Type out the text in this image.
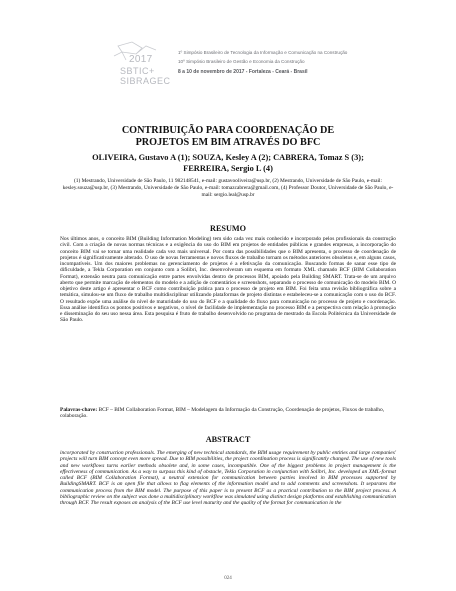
2017
SBTIC+
SIBRAGEC
1º Simpósio Brasileiro de Tecnologia da Informação e Comunicação na Construção
10º Simpósio Brasileiro de Gestão e Economia da Construção
8 a 10 de novembro de 2017 - Fortaleza - Ceará - Brasil
CONTRIBUIÇÃO PARA COORDENAÇÃO DE
PROJETOS EM BIM ATRAVÉS DO BFC
OLIVEIRA, Gustavo A (1); SOUZA, Kesley A (2); CABRERA, Tomaz S (3);
FERREIRA, Sergio L (4)
(1) Mestrando, Universidade de São Paulo, 11 982148541, e-mail: gustavooliveira@usp.br, (2) Mestrando, Universidade de São Paulo, e-mail: kesley.souza@usp.br, (3) Mestrando, Universidade de São Paulo, e-mail: tomazcabrera@gmail.com, (4) Professor Doutor, Universidade de São Paulo, e-mail: sergio.leal@usp.br
RESUMO
Nos últimos anos, o conceito BIM (Building Information Modeling) tem sido cada vez mais conhecido e incorporado pelos profissionais da construção civil. Com a criação de novas normas técnicas e a exigência do uso do BIM em projetos de entidades públicas e grandes empresas, a incorporação do conceito BIM vai se tornar uma realidade cada vez mais universal. Por conta das possibilidades que o BIM apresenta, o processo de coordenação de projetos é significativamente alterado. O uso de novas ferramentas e novos fluxos de trabalho tornam os métodos anteriores obsoletos e, em alguns casos, incompatíveis. Um dos maiores problemas no gerenciamento de projetos é a efetivação da comunicação. Buscando formas de sanar esse tipo de dificuldade, a Tekla Corporation em conjunto com a Solibri, Inc. desenvolveram um esquema em formato XML chamado BCF (BIM Collaboration Format), extensão neutra para comunicação entre partes envolvidas dentro de processos BIM, apoiado pela Building SMART. Trata-se de um arquivo aberto que permite marcação de elementos do modelo e a adição de comentários e screenshots, separando o processo de comunicação do modelo BIM. O objetivo deste artigo é apresentar o BCF como contribuição prática para o processo de projeto em BIM. Foi feita uma revisão bibliográfica sobre a temática, simulou-se um fluxo de trabalho multidisciplinar utilizando plataformas de projeto distintas e estabeleceu-se a comunicação com o uso do BCF. O resultado expõe uma análise do nível de maturidade do uso do BCF e a qualidade do fluxo para comunicação no processo de projeto e coordenação. Essa análise identifica os pontos positivos e negativos, o nível de facilidade de implementação no processo BIM e a perspectiva com relação à promoção e disseminação do seu uso nessa área. Esta pesquisa é fruto de trabalho desenvolvido no programa de mestrado da Escola Politécnica da Universidade de São Paulo.
Palavras-chave: BCF – BIM Collaboration Format, BIM – Modelagem da Informação da Construção, Coordenação de projetos, Fluxos de trabalho, colaboração.
ABSTRACT
incorporated by construction professionals. The emerging of new technical standards, the BIM usage requirement by public entities and large companies' projects will turn BIM concept even more spread. Due to BIM possibilities, the project coordination process is significantly changed. The use of new tools and new workflows turns earlier methods obsolete and, in some cases, incompatible. One of the biggest problems in project management is the effectiveness of communication. As a way to surpass this kind of obstacle, Tekla Corporation in conjunction with Solibri, Inc. developed an XML-format called BCF (BIM Collaboration Format), a neutral extension for communication between parties involved in BIM processes supported by BuildingSMART. BCF is an open file that allows to flag elements of the information model and to add comments and screenshots. It separates the communication process from the BIM model. The purpose of this paper is to present BCF as a practical contribution to the BIM project process. A bibliographic review on the subject was done a multidisciplinary workflow was simulated using distinct design platforms and establishing communication through BCF. The result exposes an analysis of the BCF use level maturity and the quality of the format for communication in the
024
